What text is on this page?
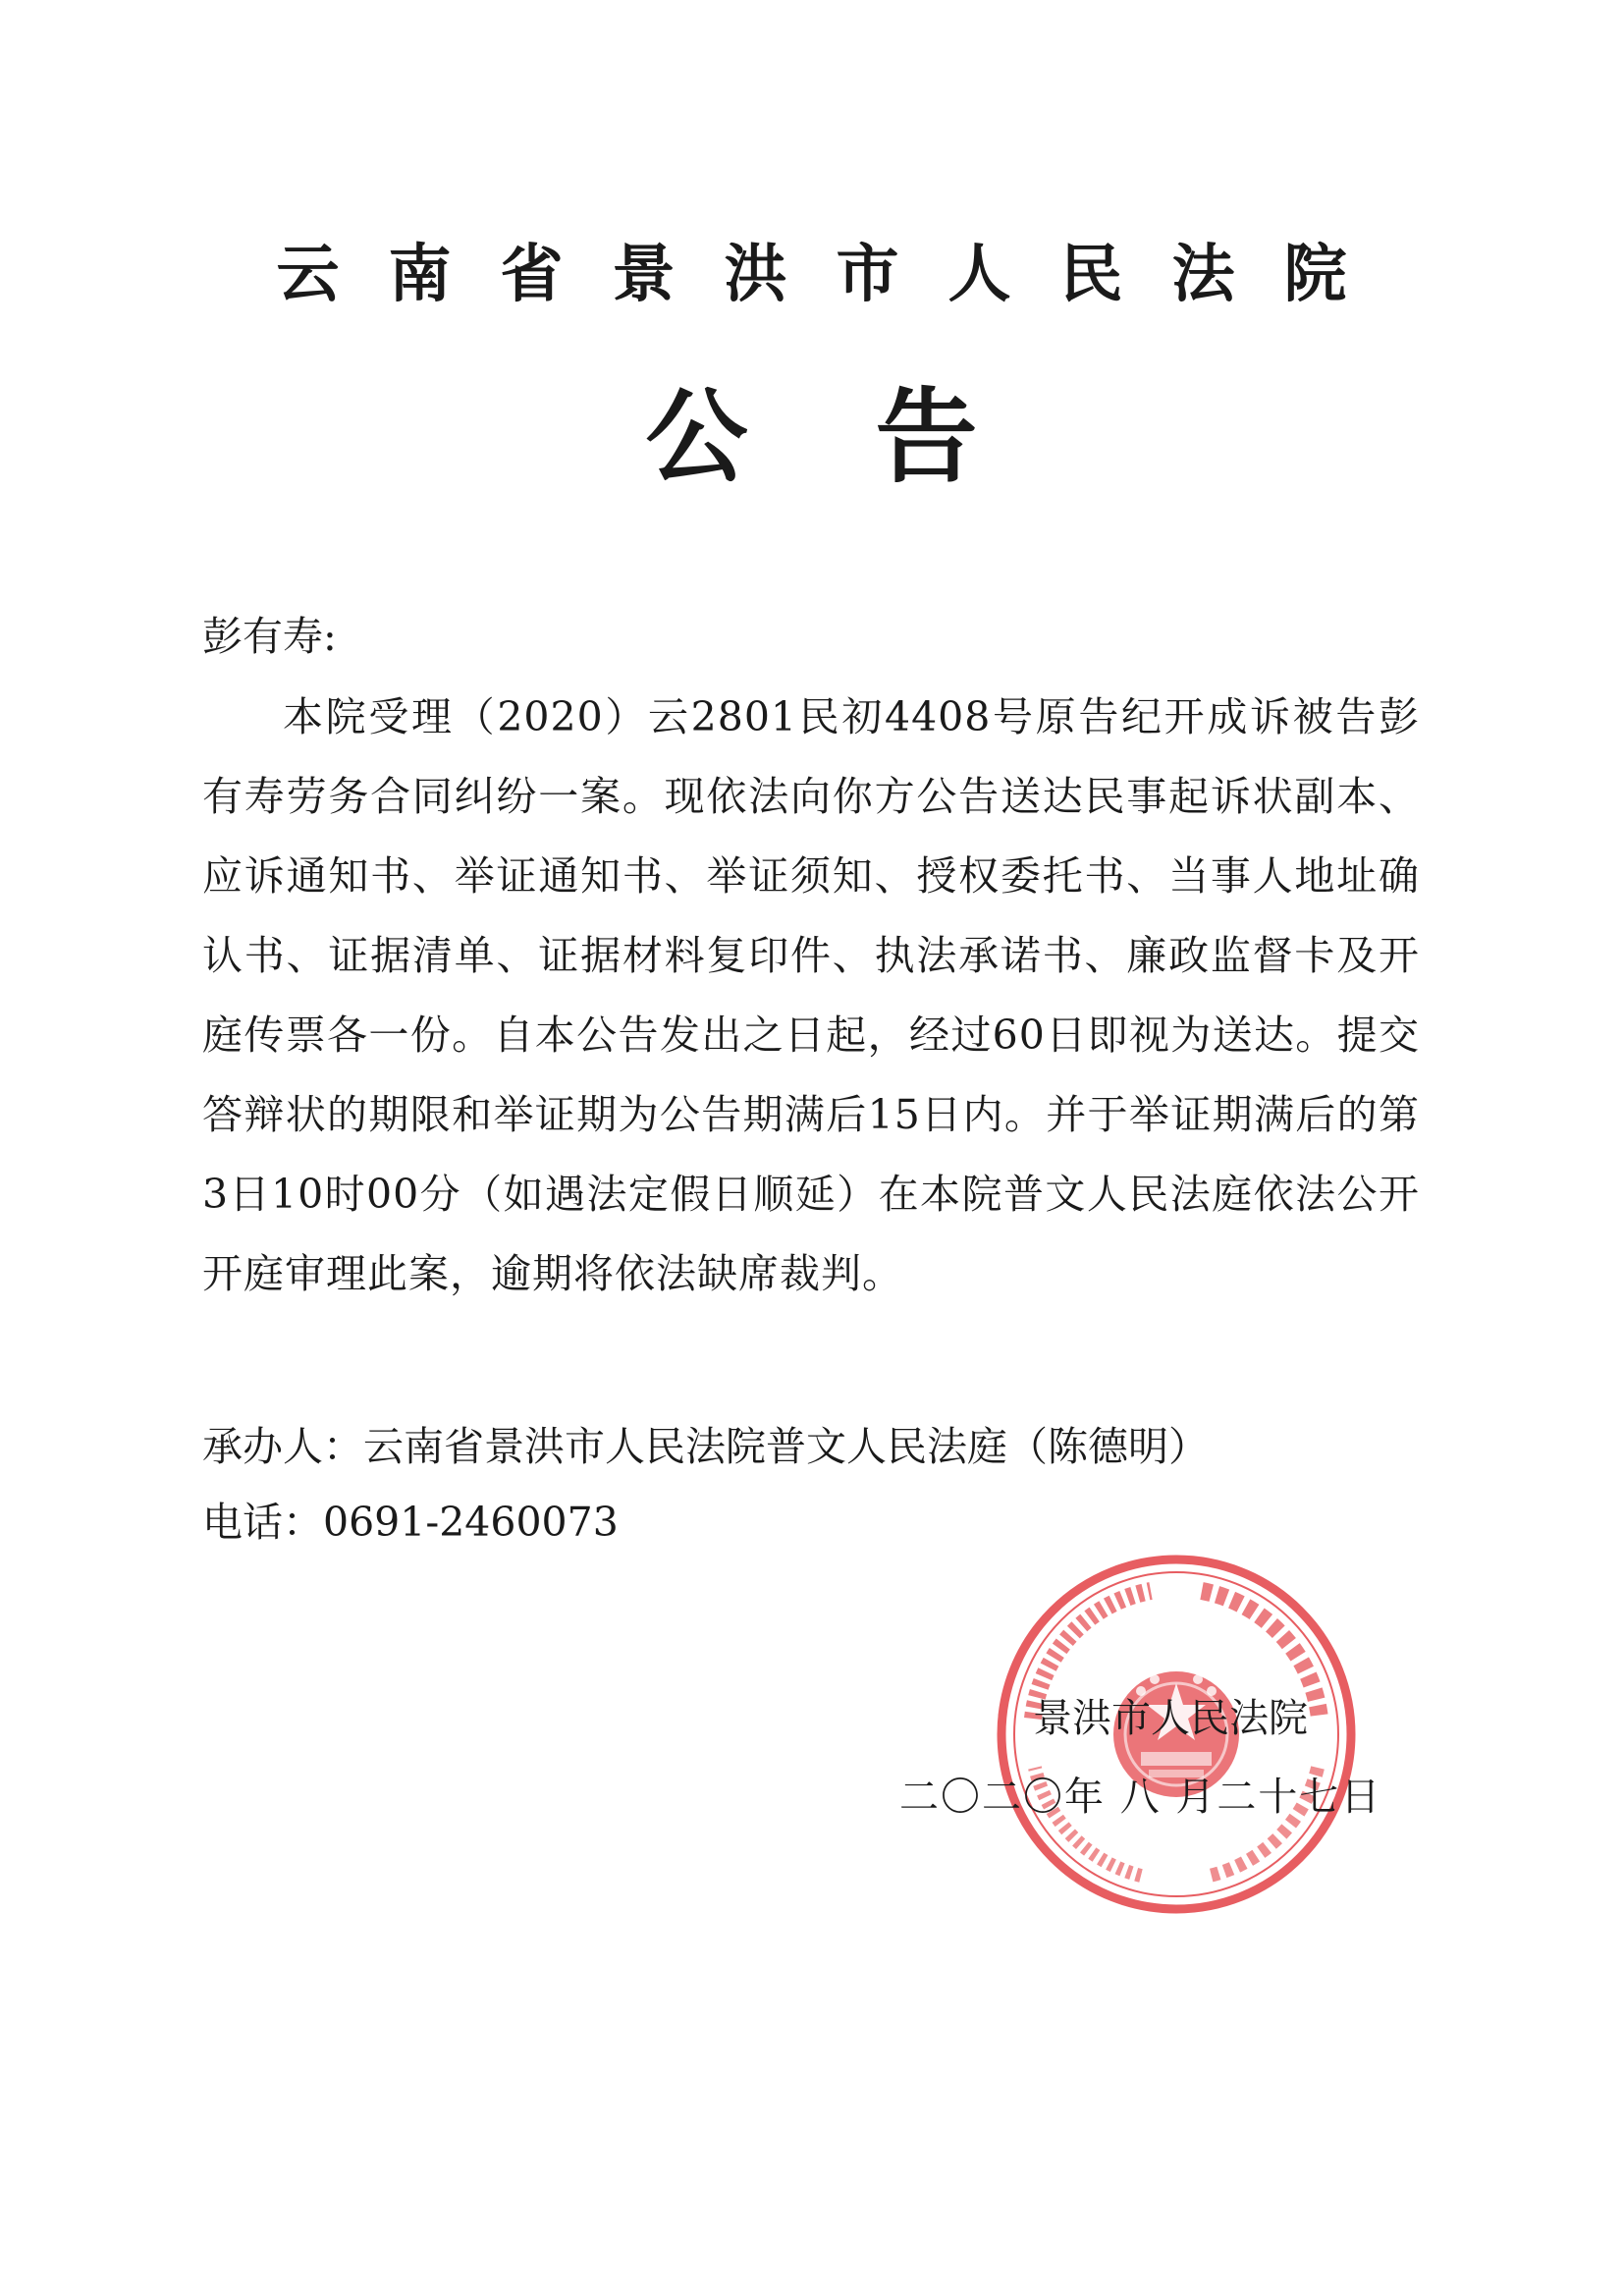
云南省景洪市人民法院
公 告
彭有寿:
本院受理（2020）云2801民初4408号原告纪开成诉被告彭有寿劳务合同纠纷一案。现依法向你方公告送达民事起诉状副本、应诉通知书、举证通知书、举证须知、授权委托书、当事人地址确认书、证据清单、证据材料复印件、执法承诺书、廉政监督卡及开庭传票各一份。自本公告发出之日起，经过60日即视为送达。提交答辩状的期限和举证期为公告期满后15日内。并于举证期满后的第3日10时00分（如遇法定假日顺延）在本院普文人民法庭依法公开开庭审理此案，逾期将依法缺席裁判。
承办人：云南省景洪市人民法院普文人民法庭（陈德明）
电话：0691-2460073
景洪市人民法院
二〇二〇年 八 月二十七日
